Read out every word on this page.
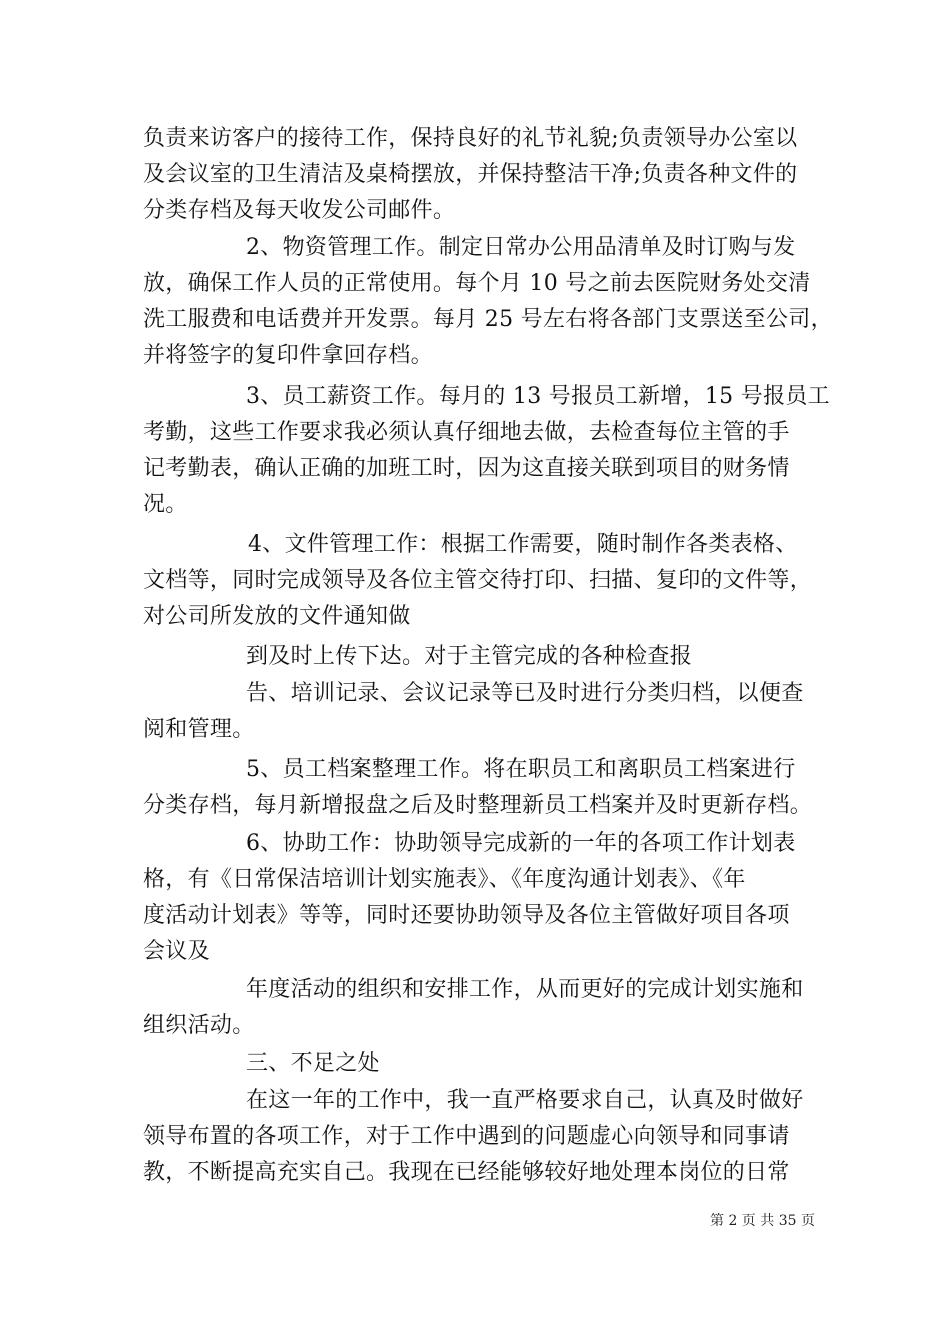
负责来访客户的接待工作，保持良好的礼节礼貌;负责领导办公室以
及会议室的卫生清洁及桌椅摆放，并保持整洁干净;负责各种文件的
分类存档及每天收发公司邮件。
2、物资管理工作。制定日常办公用品清单及时订购与发
放，确保工作人员的正常使用。每个月 10 号之前去医院财务处交清
洗工服费和电话费并开发票。每月 25 号左右将各部门支票送至公司，
并将签字的复印件拿回存档。
3、员工薪资工作。每月的 13 号报员工新增，15 号报员工
考勤，这些工作要求我必须认真仔细地去做，去检查每位主管的手
记考勤表，确认正确的加班工时，因为这直接关联到项目的财务情
况。
4、文件管理工作：根据工作需要，随时制作各类表格、
文档等，同时完成领导及各位主管交待打印、扫描、复印的文件等，
对公司所发放的文件通知做
到及时上传下达。对于主管完成的各种检查报
告、培训记录、会议记录等已及时进行分类归档，以便查
阅和管理。
5、员工档案整理工作。将在职员工和离职员工档案进行
分类存档，每月新增报盘之后及时整理新员工档案并及时更新存档。
6、协助工作：协助领导完成新的一年的各项工作计划表
格，有《日常保洁培训计划实施表》、《年度沟通计划表》、《年
度活动计划表》等等，同时还要协助领导及各位主管做好项目各项
会议及
年度活动的组织和安排工作，从而更好的完成计划实施和
组织活动。
三、不足之处
在这一年的工作中，我一直严格要求自己，认真及时做好
领导布置的各项工作，对于工作中遇到的问题虚心向领导和同事请
教，不断提高充实自己。我现在已经能够较好地处理本岗位的日常
第 2 页 共 35 页
